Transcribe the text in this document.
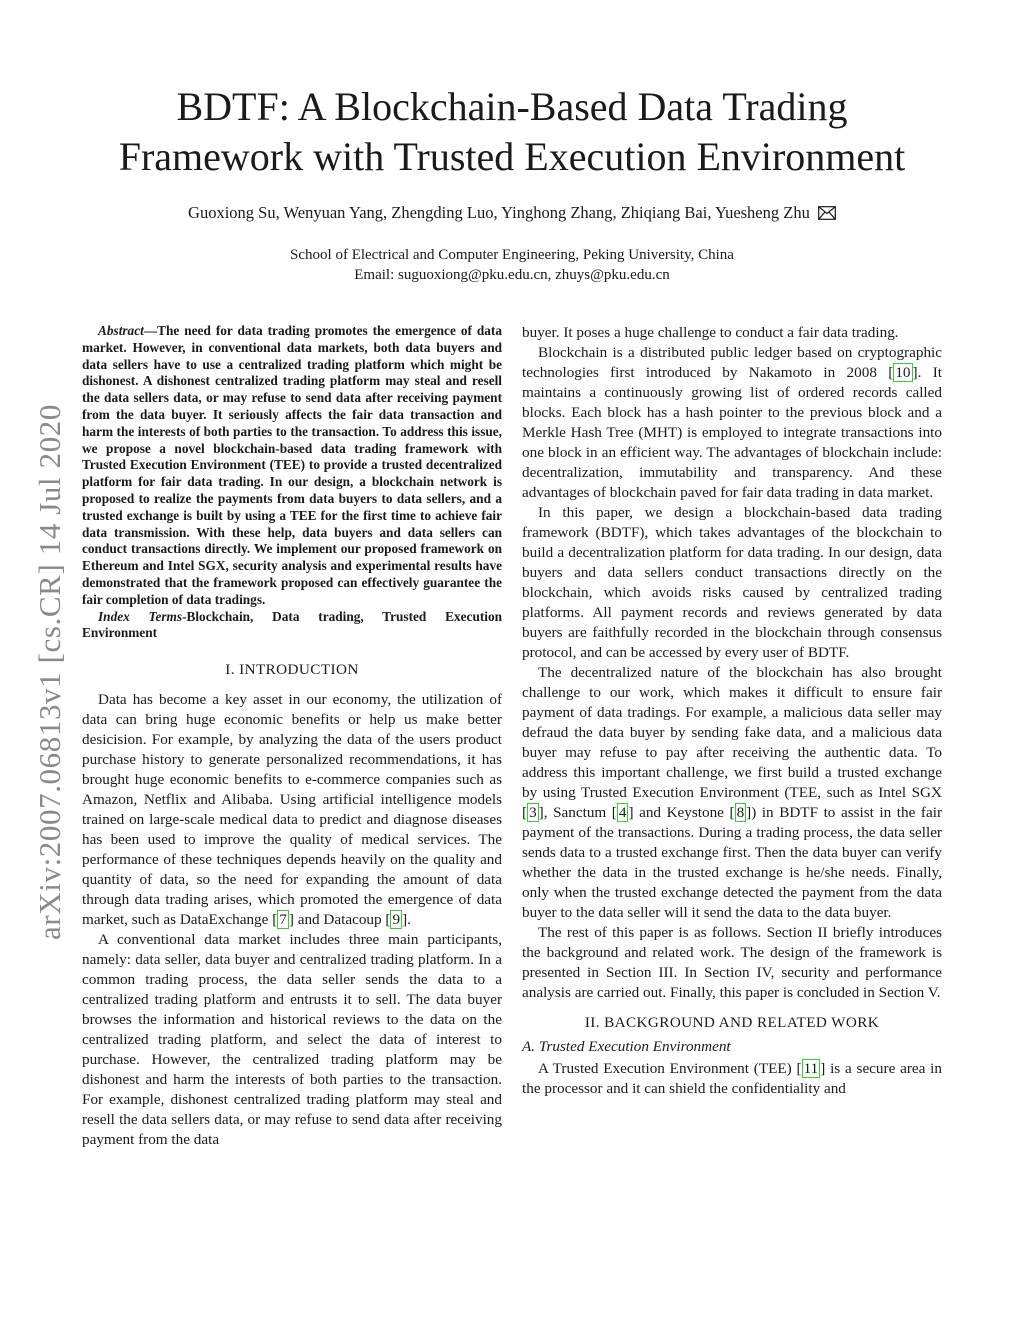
BDTF: A Blockchain-Based Data Trading
Framework with Trusted Execution Environment
Guoxiong Su, Wenyuan Yang, Zhengding Luo, Yinghong Zhang, Zhiqiang Bai, Yuesheng Zhu
School of Electrical and Computer Engineering, Peking University, China
Email: suguoxiong@pku.edu.cn, zhuys@pku.edu.cn
arXiv:2007.06813v1 [cs.CR] 14 Jul 2020

Abstract—The need for data trading promotes the emergence of data market. However, in conventional data markets, both data buyers and data sellers have to use a centralized trading platform which might be dishonest. A dishonest centralized trading platform may steal and resell the data sellers data, or may refuse to send data after receiving payment from the data buyer. It seriously affects the fair data transaction and harm the interests of both parties to the transaction. To address this issue, we propose a novel blockchain-based data trading framework with Trusted Execution Environment (TEE) to provide a trusted decentralized platform for fair data trading. In our design, a blockchain network is proposed to realize the payments from data buyers to data sellers, and a trusted exchange is built by using a TEE for the first time to achieve fair data transmission. With these help, data buyers and data sellers can conduct transactions directly. We implement our proposed framework on Ethereum and Intel SGX, security analysis and experimental results have demonstrated that the framework proposed can effectively guarantee the fair completion of data tradings.

Index Terms-Blockchain, Data trading, Trusted Execution Environment

I. INTRODUCTION

Data has become a key asset in our economy, the utilization of data can bring huge economic benefits or help us make better desicision. For example, by analyzing the data of the users product purchase history to generate personalized recommendations, it has brought huge economic benefits to e-commerce companies such as Amazon, Netflix and Alibaba. Using artificial intelligence models trained on large-scale medical data to predict and diagnose diseases has been used to improve the quality of medical services. The performance of these techniques depends heavily on the quality and quantity of data, so the need for expanding the amount of data through data trading arises, which promoted the emergence of data market, such as DataExchange [ 7 ] and Datacoup [ 9 ].

A conventional data market includes three main participants, namely: data seller, data buyer and centralized trading platform. In a common trading process, the data seller sends the data to a centralized trading platform and entrusts it to sell. The data buyer browses the information and historical reviews to the data on the centralized trading platform, and select the data of interest to purchase. However, the centralized trading platform may be dishonest and harm the interests of both parties to the transaction. For example, dishonest centralized trading platform may steal and resell the data sellers data, or may refuse to send data after receiving payment from the data

buyer. It poses a huge challenge to conduct a fair data trading.

Blockchain is a distributed public ledger based on cryptographic technologies first introduced by Nakamoto in 2008 [ 10 ]. It maintains a continuously growing list of ordered records called blocks. Each block has a hash pointer to the previous block and a Merkle Hash Tree (MHT) is employed to integrate transactions into one block in an efficient way. The advantages of blockchain include: decentralization, immutability and transparency. And these advantages of blockchain paved for fair data trading in data market.

In this paper, we design a blockchain-based data trading framework (BDTF), which takes advantages of the blockchain to build a decentralization platform for data trading. In our design, data buyers and data sellers conduct transactions directly on the blockchain, which avoids risks caused by centralized trading platforms. All payment records and reviews generated by data buyers are faithfully recorded in the blockchain through consensus protocol, and can be accessed by every user of BDTF.

The decentralized nature of the blockchain has also brought challenge to our work, which makes it difficult to ensure fair payment of data tradings. For example, a malicious data seller may defraud the data buyer by sending fake data, and a malicious data buyer may refuse to pay after receiving the authentic data. To address this important challenge, we first build a trusted exchange by using Trusted Execution Environment (TEE, such as Intel SGX [ 3 ], Sanctum [ 4 ] and Keystone [ 8 ]) in BDTF to assist in the fair payment of the transactions. During a trading process, the data seller sends data to a trusted exchange first. Then the data buyer can verify whether the data in the trusted exchange is he/she needs. Finally, only when the trusted exchange detected the payment from the data buyer to the data seller will it send the data to the data buyer.

The rest of this paper is as follows. Section II briefly introduces the background and related work. The design of the framework is presented in Section III. In Section IV, security and performance analysis are carried out. Finally, this paper is concluded in Section V.

II. BACKGROUND AND RELATED WORK
A. Trusted Execution Environment

A Trusted Execution Environment (TEE) [ 11 ] is a secure area in the processor and it can shield the confidentiality and
